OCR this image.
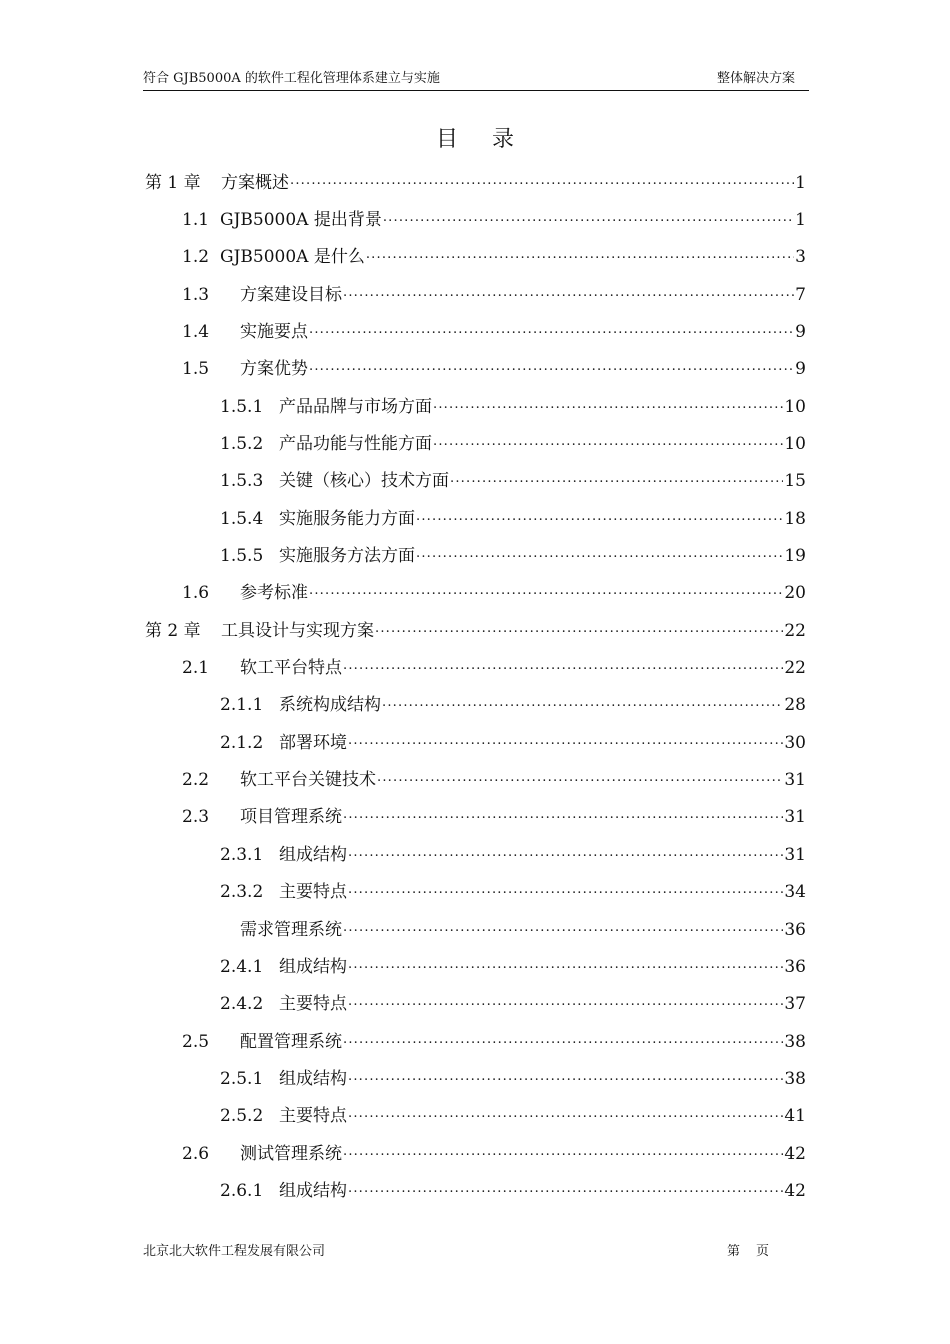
符合 GJB5000A 的软件工程化管理体系建立与实施	整体解决方案
目录
第 1 章	方案概述 .....	1
1.1 GJB5000A 提出背景 .....	1
1.2 GJB5000A 是什么 .....	3
1.3	方案建设目标 .....	7
1.4	实施要点 .....	9
1.5	方案优势 .....	9
1.5.1 产品品牌与市场方面 .....	10
1.5.2 产品功能与性能方面 .....	10
1.5.3 关键（核心）技术方面 .....	15
1.5.4 实施服务能力方面 .....	18
1.5.5 实施服务方法方面 .....	19
1.6	参考标准 .....	20
第 2 章	工具设计与实现方案 .....	22
2.1	软工平台特点 .....	22
2.1.1 系统构成结构 .....	28
2.1.2 部署环境 .....	30
2.2	软工平台关键技术 .....	31
2.3	项目管理系统 .....	31
2.3.1 组成结构 .....	31
2.3.2 主要特点 .....	34
需求管理系统 .....	36
2.4.1 组成结构 .....	36
2.4.2 主要特点 .....	37
2.5	配置管理系统 .....	38
2.5.1 组成结构 .....	38
2.5.2 主要特点 .....	41
2.6	测试管理系统 .....	42
2.6.1 组成结构 .....	42
北京北大软件工程发展有限公司	第页
